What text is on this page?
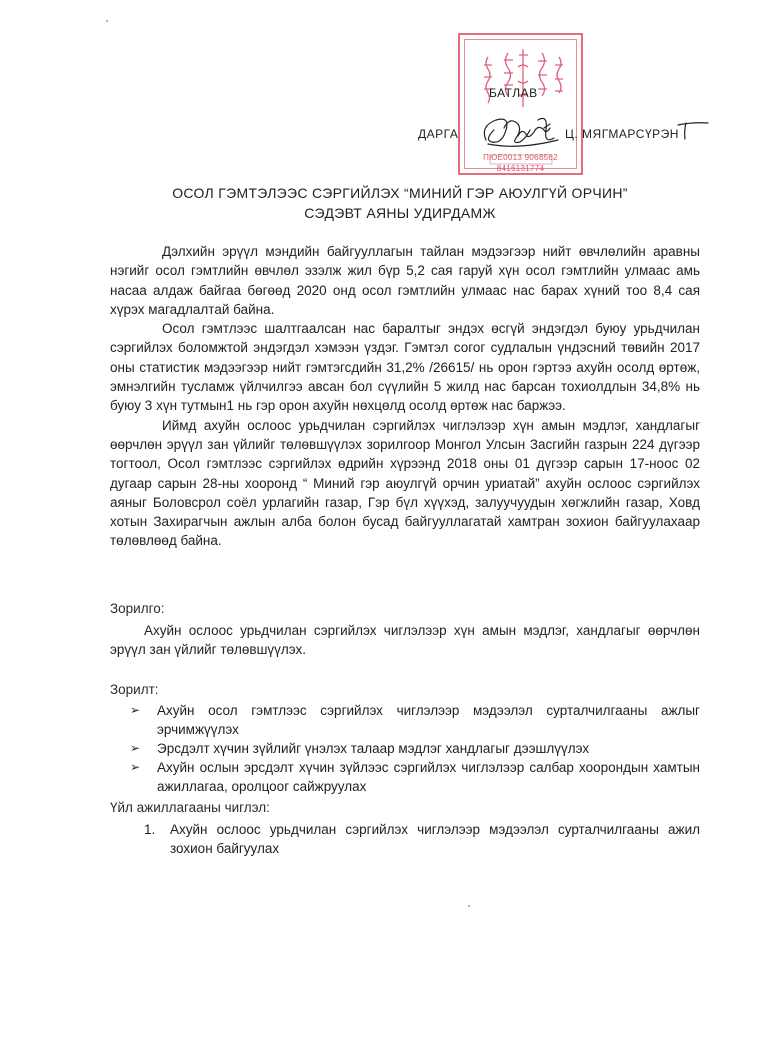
ПЮЕ0013 9068562
8416131774
БАТЛАВ
ДАРГА	Ц. МЯГМАРСҮРЭН
ОСОЛ ГЭМТЭЛЭЭС СЭРГИЙЛЭХ “МИНИЙ ГЭР АЮУЛГҮЙ ОРЧИН”
СЭДЭВТ АЯНЫ УДИРДАМЖ

Дэлхийн эрүүл мэндийн байгууллагын тайлан мэдээгээр нийт өвчлөлийн аравны нэгийг осол гэмтлийн өвчлөл эзэлж жил бүр 5,2 сая гаруй хүн осол гэмтлийн улмаас амь насаа алдаж байгаа бөгөөд 2020 онд осол гэмтлийн улмаас нас барах хүний тоо 8,4 сая хүрэх магадлалтай байна.

Осол гэмтлээс шалтгаалсан нас баралтыг эндэх өсгүй эндэгдэл буюу урьдчилан сэргийлэх боломжтой эндэгдэл хэмээн үздэг. Гэмтэл согог судлалын үндэсний төвийн 2017 оны статистик мэдээгээр нийт гэмтэгсдийн 31,2% /26615/ нь орон гэртээ ахуйн осолд өртөж, эмнэлгийн тусламж үйлчилгээ авсан бол сүүлийн 5 жилд нас барсан тохиолдлын 34,8% нь буюу 3 хүн тутмын1 нь гэр орон ахуйн нөхцөлд осолд өртөж нас баржээ.

Иймд ахуйн ослоос урьдчилан сэргийлэх чиглэлээр хүн амын мэдлэг, хандлагыг өөрчлөн эрүүл зан үйлийг төлөвшүүлэх зорилгоор Монгол Улсын Засгийн газрын 224 дүгээр тогтоол, Осол гэмтлээс сэргийлэх өдрийн хүрээнд 2018 оны 01 дүгээр сарын 17-ноос 02 дугаар сарын 28-ны хооронд “ Миний гэр аюулгүй орчин уриатай” ахуйн ослоос сэргийлэх аяныг Боловсрол соёл урлагийн газар, Гэр бүл хүүхэд, залуучуудын хөгжлийн газар, Ховд хотын Захирагчын ажлын алба болон бусад байгууллагатай хамтран зохион байгуулахаар төлөвлөөд байна.

Зорилго:

Ахуйн ослоос урьдчилан сэргийлэх чиглэлээр хүн амын мэдлэг, хандлагыг өөрчлөн эрүүл зан үйлийг төлөвшүүлэх.

Зорилт:
➢	Ахуйн осол гэмтлээс сэргийлэх чиглэлээр мэдээлэл сурталчилгааны ажлыг эрчимжүүлэх
➢	Эрсдэлт хүчин зүйлийг үнэлэх талаар мэдлэг хандлагыг дээшлүүлэх
➢	Ахуйн ослын эрсдэлт хүчин зүйлээс сэргийлэх чиглэлээр салбар хоорондын хамтын ажиллагаа, оролцоог сайжруулах
Үйл ажиллагааны чиглэл:
1. Ахуйн ослоос урьдчилан сэргийлэх чиглэлээр мэдээлэл сурталчилгааны ажил зохион байгуулах
